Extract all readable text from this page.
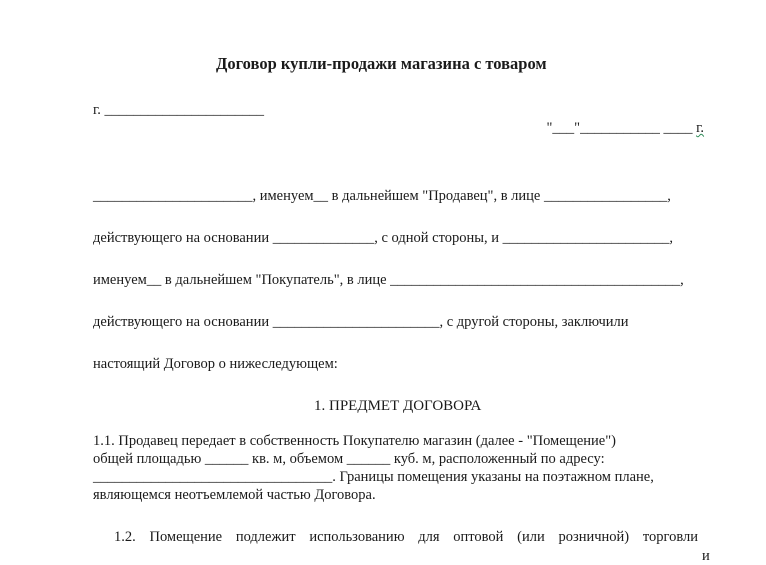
Договор купли-продажи магазина с товаром
г. ______________________

"___"___________ ____ г.

______________________, именуем__ в дальнейшем "Продавец", в лице _________________,
действующего на основании ______________, с одной стороны, и _______________________,
именуем__ в дальнейшем "Покупатель", в лице ________________________________________,
действующего на основании _______________________, с другой стороны, заключили
настоящий Договор о нижеследующем:
1. ПРЕДМЕТ ДОГОВОРА
1.1. Продавец передает в собственность Покупателю магазин (далее - "Помещение")
общей площадью ______ кв. м, объемом ______ куб. м, расположенный по адресу:
_________________________________. Границы помещения указаны на поэтажном плане,
являющемся неотъемлемой частью Договора.
1.2. Помещение подлежит использованию для оптовой (или розничной) торговли
и
